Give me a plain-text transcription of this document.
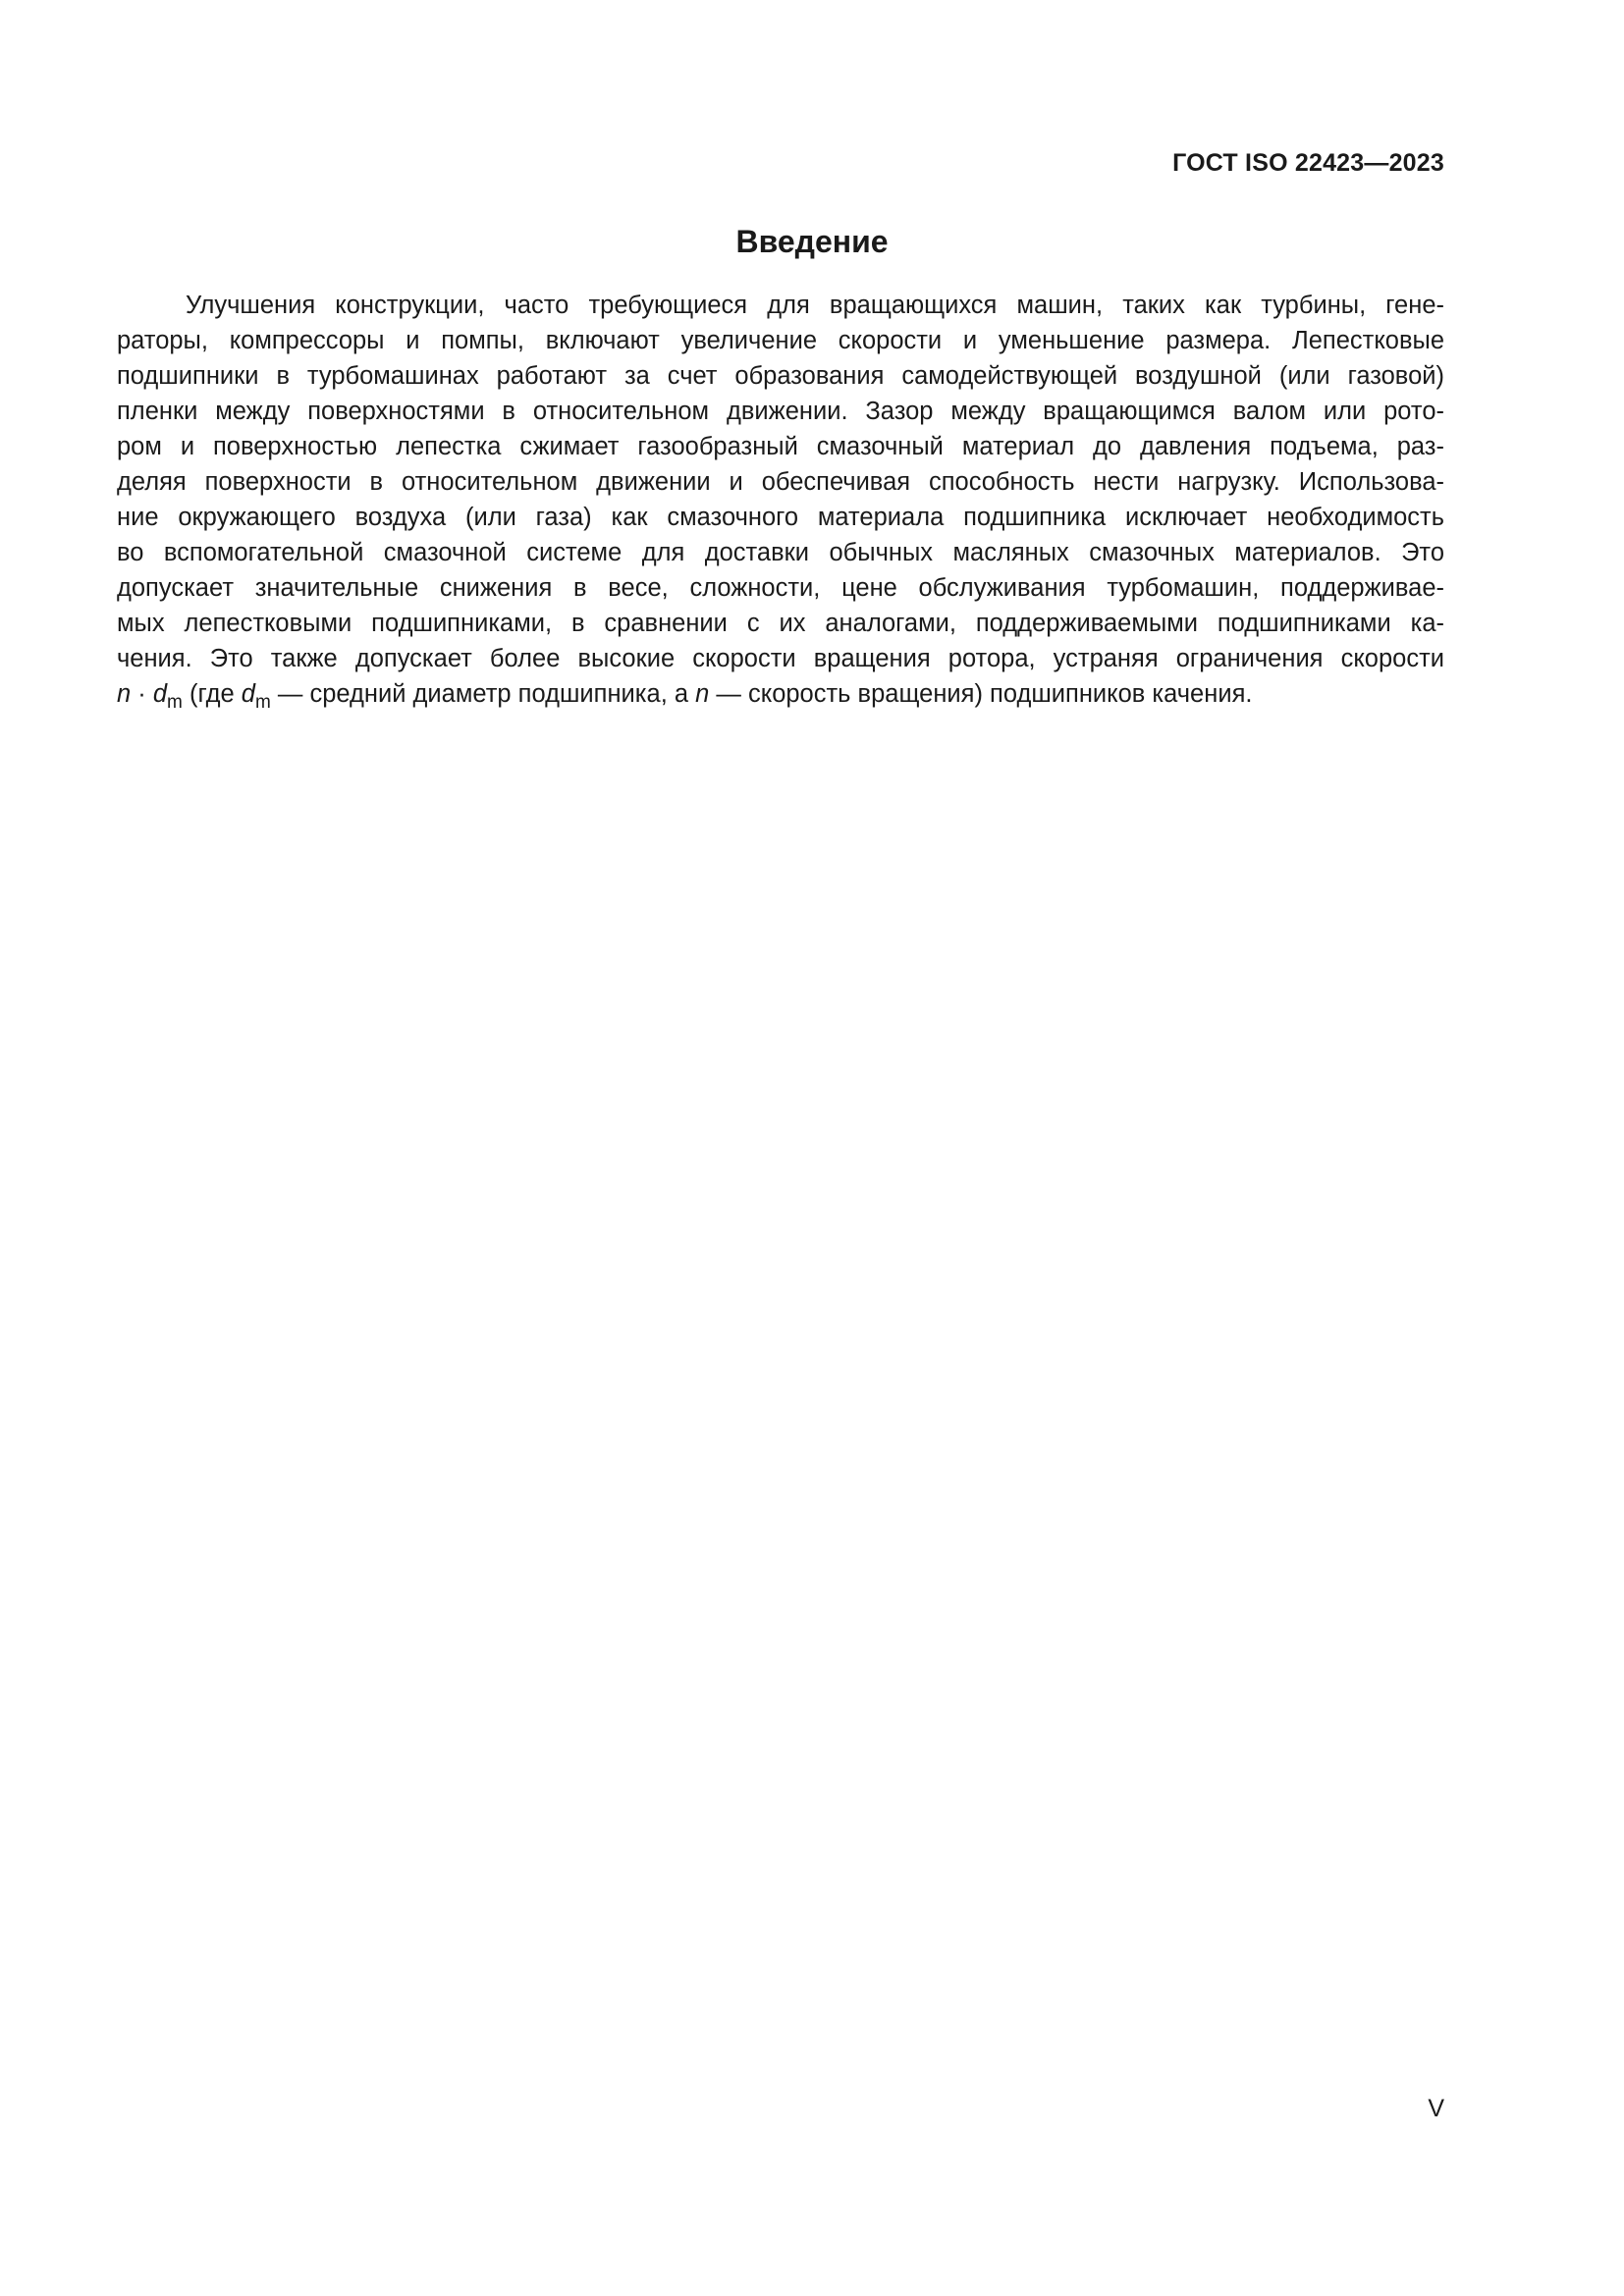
ГОСТ ISO 22423—2023

Введение
Улучшения конструкции, часто требующиеся для вращающихся машин, таких как турбины, гене-
раторы, компрессоры и помпы, включают увеличение скорости и уменьшение размера. Лепестковые
подшипники в турбомашинах работают за счет образования самодействующей воздушной (или газовой)
пленки между поверхностями в относительном движении. Зазор между вращающимся валом или рото-
ром и поверхностью лепестка сжимает газообразный смазочный материал до давления подъема, раз-
деляя поверхности в относительном движении и обеспечивая способность нести нагрузку. Использова-
ние окружающего воздуха (или газа) как смазочного материала подшипника исключает необходимость
во вспомогательной смазочной системе для доставки обычных масляных смазочных материалов. Это
допускает значительные снижения в весе, сложности, цене обслуживания турбомашин, поддерживае-
мых лепестковыми подшипниками, в сравнении с их аналогами, поддерживаемыми подшипниками ка-
чения. Это также допускает более высокие скорости вращения ротора, устраняя ограничения скорости
$n \cdot d_m$ (где $d_m$ — средний диаметр подшипника, а n — скорость вращения) подшипников качения.

V
